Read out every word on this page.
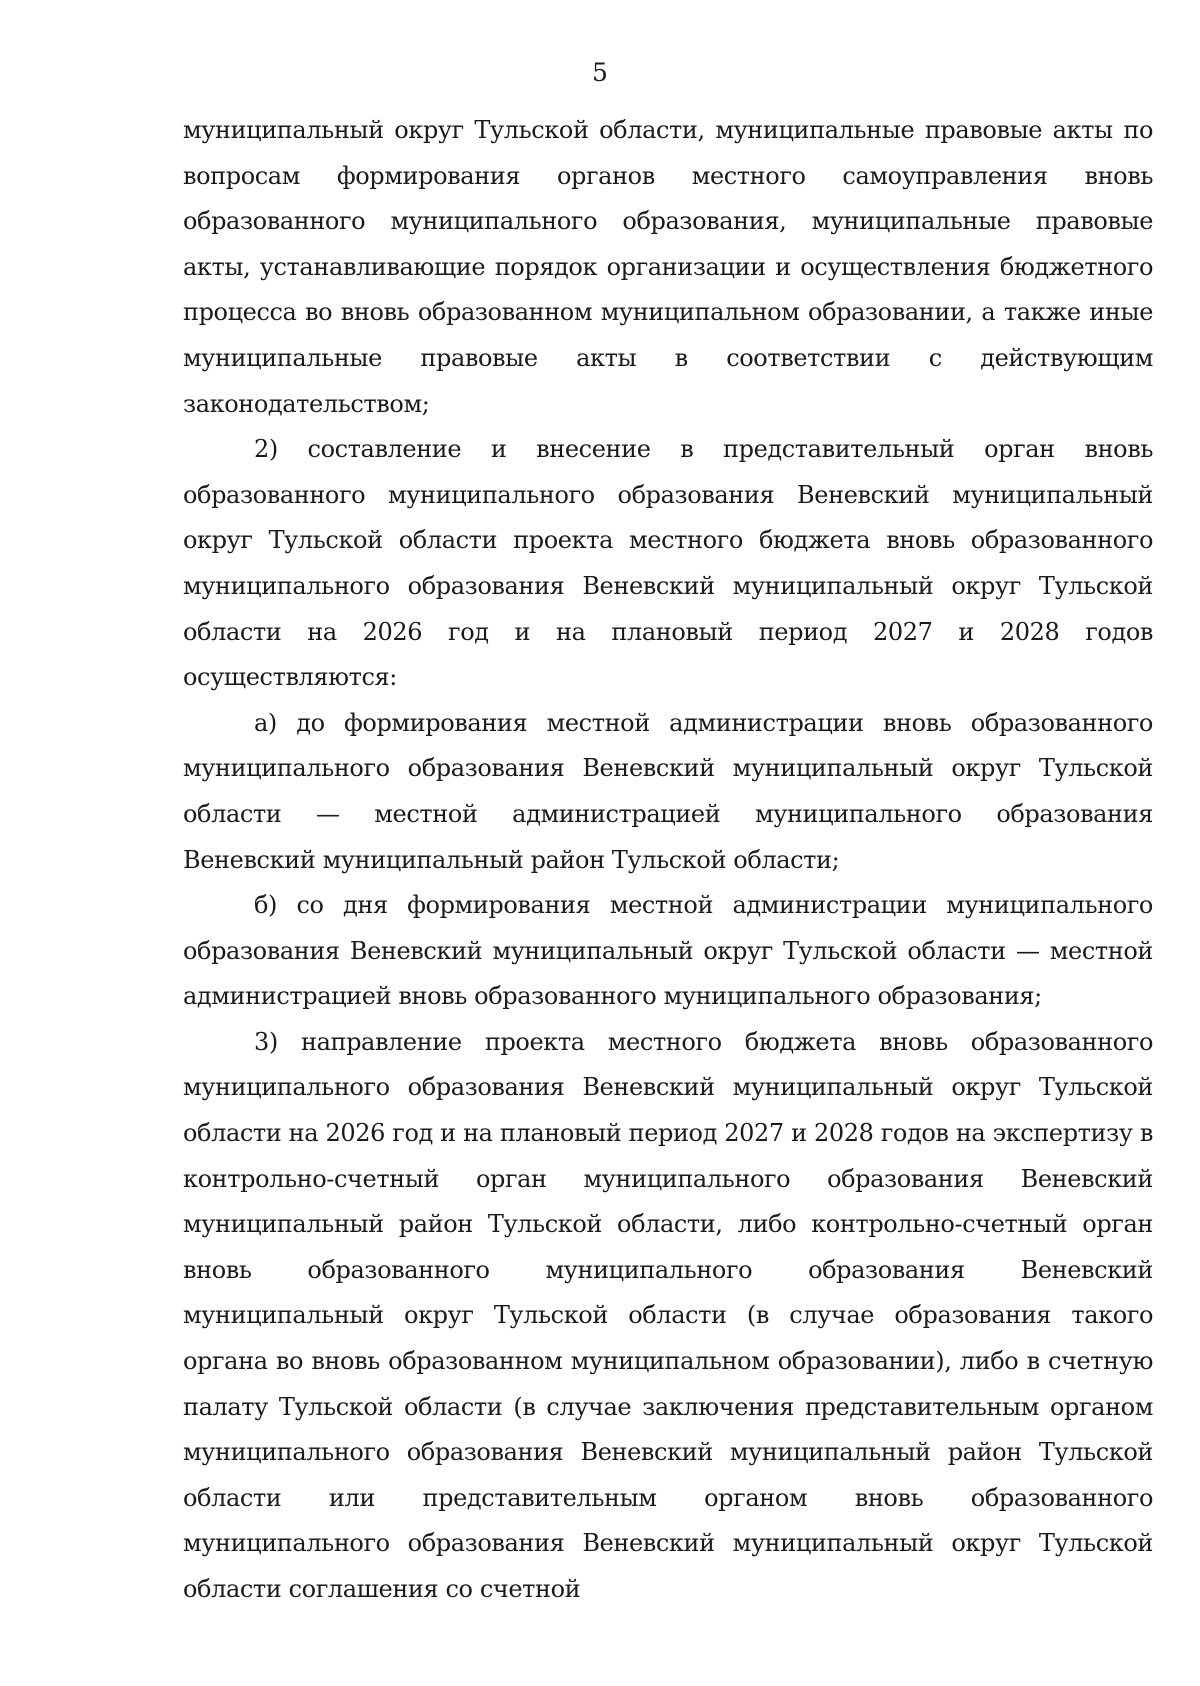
5

муниципальный округ Тульской области, муниципальные правовые акты по вопросам формирования органов местного самоуправления вновь образованного муниципального образования, муниципальные правовые акты, устанавливающие порядок организации и осуществления бюджетного процесса во вновь образованном муниципальном образовании, а также иные муниципальные правовые акты в соответствии с действующим законодательством;

2) составление и внесение в представительный орган вновь образованного муниципального образования Веневский муниципальный округ Тульской области проекта местного бюджета вновь образованного муниципального образования Веневский муниципальный округ Тульской области на 2026 год и на плановый период 2027 и 2028 годов осуществляются:

а) до формирования местной администрации вновь образованного муниципального образования Веневский муниципальный округ Тульской области — местной администрацией муниципального образования Веневский муниципальный район Тульской области;

б) со дня формирования местной администрации муниципального образования Веневский муниципальный округ Тульской области — местной администрацией вновь образованного муниципального образования;

3) направление проекта местного бюджета вновь образованного муниципального образования Веневский муниципальный округ Тульской области на 2026 год и на плановый период 2027 и 2028 годов на экспертизу в контрольно-счетный орган муниципального образования Веневский муниципальный район Тульской области, либо контрольно-счетный орган вновь образованного муниципального образования Веневский муниципальный округ Тульской области (в случае образования такого органа во вновь образованном муниципальном образовании), либо в счетную палату Тульской области (в случае заключения представительным органом муниципального образования Веневский муниципальный район Тульской области или представительным органом вновь образованного муниципального образования Веневский муниципальный округ Тульской области соглашения со счетной
